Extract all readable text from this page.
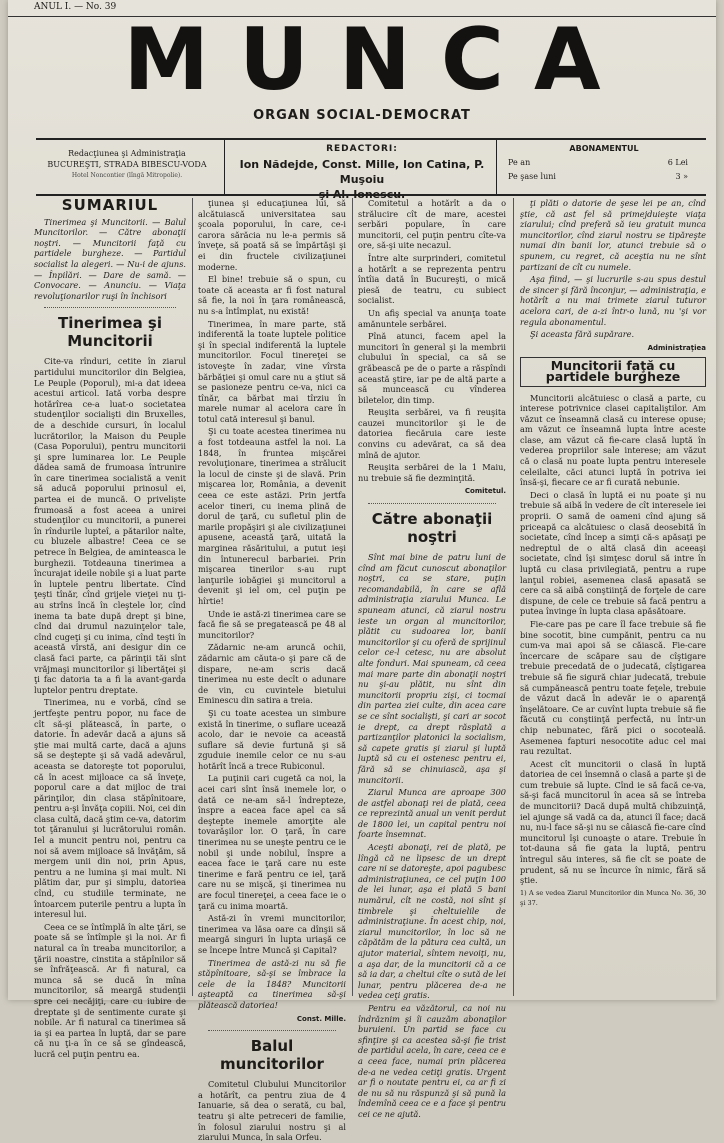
ANUL I. — No. 39
MUNCA
ORGAN SOCIAL-DEMOCRAT
Redacţiunea şi Administraţia
BUCUREŞTI, STRADA BIBESCU-VODA
Hotel Noncontier (lîngă Mitropolie).
REDACTORI:
Ion Nădejde, Const. Mille, Ion Catina, P. Muşoiu
şi Al. Ionescu.
ABONAMENTUL
Pe an	6 Lei
Pe şase luni	3 »
SUMARIUL

Tinerimea şi Muncitorii. — Balul Muncitorilor. — Către abonaţii noştri. — Muncitorii faţă cu partidele burgheze. — Partidul socialist la alegeri. — Nu-i de ajuns. — Înpilări. — Dare de samă. — Convocare. — Anunciu. — Viaţa revoluţionarilor ruşi în închisori

Tinerimea şi Muncitorii

Cite-va rînduri, cetite în ziarul partidului muncitorilor din Belgiea, Le Peuple (Poporul), mi-a dat ideea acestui articol. Iată vorba despre hotărîrea ce-a luat-o societatea studenţilor socialişti din Bruxelles, de a deschide cursuri, în localul lucrătorilor, la Maison du Peuple (Casa Poporului), pentru muncitorii şi spre luminarea lor. Le Peuple dădea samă de frumoasa întrunire în care tinerimea socialistă a venit să aducă poporului prinosul ei, partea ei de muncă. O priveliște frumoasă a fost aceea a unirei studenţilor cu muncitorii, a punerei în rîndurile lupteî, a pătarilor nalte, cu bluzele albastre! Ceea ce se petrece în Belgiea, de aminteasca le burghezii. Totdeauna tinerimea a încurajat ideile nobile şi a luat parte în luptele pentru libertate. Cînd ţeşti tînăr, cînd grijele vieţei nu ţi-au strîns încă în cleştele lor, cînd inema ta bate după drept şi bine, cînd dai drumul nazuinţelor tale, cînd cugeţi şi cu inima, cînd teşti în această vîrstă, ani desigur din ce clasă faci parte, ca părinţii tăi sînt vrăjmaşi muncitorilor şi libertăţei şi ţi fac datoria ta a fi la avant-garda luptelor pentru dreptate.

Tinerimea, nu e vorbă, cînd se jertfeşte pentru popor, nu face de cît să-şi plătească, în parte, o datorie. În adevăr dacă a ajuns să ştie mai multă carte, dacă a ajuns să se deştepte şi să vadă adevărul, aceasta se datoreşte tot poporului, că în acest mijloace ca să înveţe, poporul care a dat mijloc de trai părinţilor, din clasa stăpînitoare, pentru a-şi învăţa copiii. Noi, cei din clasa cultă, dacă ştim ce-va, datorim tot ţăranului şi lucrătorului român. Iel a muncit pentru noi, pentru ca noi să avem mijloace să învăţăm, să mergem unii din noi, prin Apus, pentru a ne lumina şi mai mult. Ni plătim dar, pur şi simplu, datoriea cînd, cu studiile terminate, ne întoarcem puterile pentru a lupta în interesul lui.

Ceea ce se întîmplă în alte ţări, se poate să se întîmple şi la noi. Ar fi natural ca în treaba muncitorilor, a ţării noastre, cinstita a stăpînilor să se înfrăţească. Ar fi natural, ca munca să se ducă în mîna muncitorilor, să meargă studenţii spre cei necăjiţi, care cu iubire de dreptate şi de sentimente curate şi nobile. Ar fi natural ca tinerimea să ia şi ea partea în luptă, dar se pare că nu ţi-a în ce să se gîndească, lucră cel puţin pentru ea.

ţiunea şi educaţiunea lui, să alcătuiască universitatea sau şcoala poporului, în care, ce-i carora sărăcia nu le-a permis să înveţe, să poată să se împărtăşi şi ei din fructele civilizaţiunei moderne.

El bine! trebuie să o spun, cu toate că aceasta ar fi fost natural să fie, la noi în ţara românească, nu s-a întîmplat, nu există!

Tinerimea, în mare parte, stă indiferentă la toate luptele politice şi în special indiferentă la luptele muncitorilor. Focul tinereţei se istoveşte în zadar, vine vîrsta bărbăţiei şi omul care nu a ştiut să se pasioneze pentru ce-va, nici ca tînăr, ca bărbat mai tîrziu în marele numar al acelora care în totul cată interesul şi banul.

Şi cu toate acestea tinerimea nu a fost totdeauna astfel la noi. La 1848, în fruntea mişcărei revoluţionare, tinerimea a strălucit la locul de cinste şi de slavă. Prin mişcarea lor, România, a devenit ceea ce este astăzi. Prin jertfa acelor tineri, cu inema plină de dorul de ţară, cu sufletul plin de marile propăşiri şi ale civilizaţiunei apusene, această ţară, uitată la marginea răsăritului, a putut ieşi din întunerecul barbariei. Prin mişcarea tinerilor s-au rupt lanţurile iobăgiei şi muncitorul a devenit şi iel om, cel puţin pe hîrtie!

Unde ie astă-zi tinerimea care se facă fie să se pregatească pe 48 al muncitorilor?

Zădarnic ne-am aruncă ochii, zădarnic am căuta-o şi pare că de dispare, ne-am scris dacă tinerimea nu este decît o adunare de vin, cu cuvintele bietului Eminescu din satira a treia.

Şi cu toate acestea un simbure există în tinerime, o suflare ucează acolo, dar ie nevoie ca această suflare să devie furtună şi să zguduie inemile celor ce nu s-au hotărît încă a trece Rubiconul.

La puţinii cari cugetă ca noi, la acei cari sînt însă inemele lor, o dată ce ne-am să-l îndrepteze, înspre a eacea face apel ca să deştepte inemele amorţite ale tovarăşilor lor. O ţară, în care tinerimea nu se uneşte pentru ce ie nobil şi unde nobilul, înspre a eacea face ie ţară care nu este tinerime e fară pentru ce iel, ţară care nu se mişcă, şi tinerimea nu are focul tinereţei, a ceea face ie o ţară cu inima moartă.

Astă-zi în vremi muncitorilor, tinerimea va lăsa oare ca dînşii să meargă singuri în lupta uriaşă ce se începe între Muncă şi Capital?

Tinerimea de astă-zi nu să fie stăpînitoare, să-şi se îmbrace la cele de la 1848? Muncitorii aşteaptă ca tinerimea să-şi plătească datoriea!

Const. Mille.
Balul muncitorilor

Comitetul Clubului Muncitorilor a hotărît, ca pentru ziua de 4 Ianuarie, să dea o serată, cu bal, teatru şi alte petreceri de familie, în folosul ziarului nostru şi al ziarului Munca, în sala Orfeu.

Comitetul a hotărît a da o strălucire cît de mare, acestei serbări populare, în care muncitorii, cel puţin pentru cîte-va ore, să-şi uite necazul.

Între alte surprinderi, comitetul a hotărît a se reprezenta pentru întîia dată în Bucureşti, o mică piesă de teatru, cu subiect socialist.

Un afiş special va anunţa toate amănuntele serbărei.

Pînă atunci, facem apel la muncitori în general şi la membrii clubului în special, ca să se grăbească pe de o parte a răspîndi această ştire, iar pe de altă parte a să muncească cu vînderea biletelor, din timp.

Reuşita serbărei, va fi reuşita cauzei muncitorilor şi le de datoriea fiecăruia care ieste convins cu adevărat, ca să dea mînă de ajutor.

Reuşita serbărei de la 1 Maiu, nu trebuie să fie dezminţită.

Comitetul.
Către abonaţii noştri

Sînt mai bine de patru luni de cînd am făcut cunoscut abonaţilor noştri, ca se stare, puţin recomandabilă, în care se află administraţia ziarului Munca. Le spuneam atunci, că ziarul nostru ieste un organ al muncitorilor, plătit cu sudoarea lor, banii muncitorilor şi cu oferă de sprijinul celor ce-l cetesc, nu are absolut alte fonduri. Mai spuneam, că ceea mai mare parte din abonaţii noştri nu şi-au plătit, nu sînt din muncitorii propriu zişi, ci tocmai din partea ziei culte, din acea care se ce sînt socialişti, şi cari ar socot ie drept, ca drept răsplată a partizanţilor platonici la socialism, să capete gratis şi ziarul şi luptă luptă să cu ei ostenesc pentru ei, fără să se chinuiască, aşa şi muncitorii.

Ziarul Munca are aproape 300 de astfel abonaţi rei de plată, ceea ce reprezintă anual un venit perdut de 1800 lei, un capital pentru noi foarte însemnat.

Aceşti abonaţi, rei de plată, pe lîngă că ne lipsesc de un drept care ni se datoreşte, apoi pagubesc administraţiunea, ce cel puţin 100 de lei lunar, aşa ei plată 5 bani numărul, cît ne costă, noi sînt şi timbrele şi cheltuielile de administraţiune. În acest chip, noi, ziarul muncitorilor, în loc să ne căpătăm de la pătura cea cultă, un ajutor material, sîntem nevoiţi, nu, a aşa dar, de la muncitorii că a ce să ia dar, a cheltui cîte o sută de lei lunar, pentru plăcerea de-a ne vedea ceţi gratis.

Pentru ea văzătorul, ca noi nu îndrăznim şi îi cauzăm abonaţilor buruieni. Un partid se face cu sfinţire şi ca acestea să-şi fie trist de partidul acela, în care, ceea ce e a ceea face, numai prin plăcerea de-a ne vedea cetiţi gratis. Urgent ar fi o noutate pentru ei, ca ar fi zi de nu să nu răspunză şi să pună la îndemînă ceea ce e a face şi pentru cei ce ne ajută.

ţi plăti o datorie de şese lei pe an, cînd ştie, că ast fel să primejduieşte viaţa ziarului; cînd preferă să ieu gratuit munca muncitorilor, cînd ziarul nostru se tipăreşte numai din banii lor, atunci trebuie să o spunem, cu regret, că aceştia nu ne sînt partizani de cît cu numele.

Aşa fiind, — şi lucrurile s-au spus destul de sincer şi fără înconjur, — administraţia, e hotărît a nu mai trimete ziarul tuturor acelora cari, de a-zi într-o lună, nu 'şi vor regula abonamentul.

Şi aceasta fără supărare.

Administraţiea
Muncitorii faţă cu partidele burgheze

Muncitorii alcătuiesc o clasă a parte, cu interese potrivnice clasei capitaliştilor. Am văzut ce înseamnă clasă cu interese opuse; am văzut ce înseamnă lupta între aceste clase, am văzut că fie-care clasă luptă în vederea propriilor sale interese; am văzut că o clasă nu poate lupta pentru interesele celeilalte, căci atunci luptă în potriva iei însă-şi, fiecare ce ar fi curată nebunie.

Deci o clasă în luptă ei nu poate şi nu trebuie să aibă în vedere de cît interesele iei proprii. O samă de oameni cînd ajung să priceapă ca alcătuiesc o clasă deosebită în societate, cînd încep a simţi că-s apăsaţi pe nedreptul de o altă clasă din aceeaşi societate, cînd îşi simţesc dorul să intre în luptă cu clasa privilegiată, pentru a rupe lanţul robiei, asemenea clasă apasată se cere ca să aibă conştiinţă de forţele de care dispune, de cele ce trebuie să facă pentru a putea învinge în lupta clasa apăsătoare.

Fie-care pas pe care îl face trebuie să fie bine socotit, bine cumpănit, pentru ca nu cum-va mai apoi să se căiască. Fie-care încercare de scăpare sau de cîştigare trebuie precedată de o judecată, cîştigarea trebuie să fie sigură chiar judecată, trebuie să cumpănească pentru toate feţele, trebuie de văzut dacă în adevăr ie o aparenţă înşelătoare. Ce ar cuvînt lupta trebuie să fie făcută cu conştiinţă perfectă, nu într-un chip nebunatec, fără pici o socoteală. Asemenea fapturi nesocotite aduc cel mai rau rezultat.

Acest cît muncitorii o clasă în luptă datoriea de cei însemnă o clasă a parte şi de cum trebuie să lupte. Cînd ie să facă ce-va, să-şi facă muncitorul în acea să se întreba de muncitorii? Dacă după multă chibzuinţă, iel ajunge să vadă ca da, atunci îl face; dacă nu, nu-l face să-şi nu se câiască fie-care cînd muncitorul îşi cunoaşte o atare. Trebuie în tot-dauna să fie gata la luptă, pentru întregul său interes, să fie cît se poate de prudent, să nu se încurce în nimic, fără să ştie.

1) A se vedea Ziarul Muncitorilor din Munca No. 36, 30 şi 37.
